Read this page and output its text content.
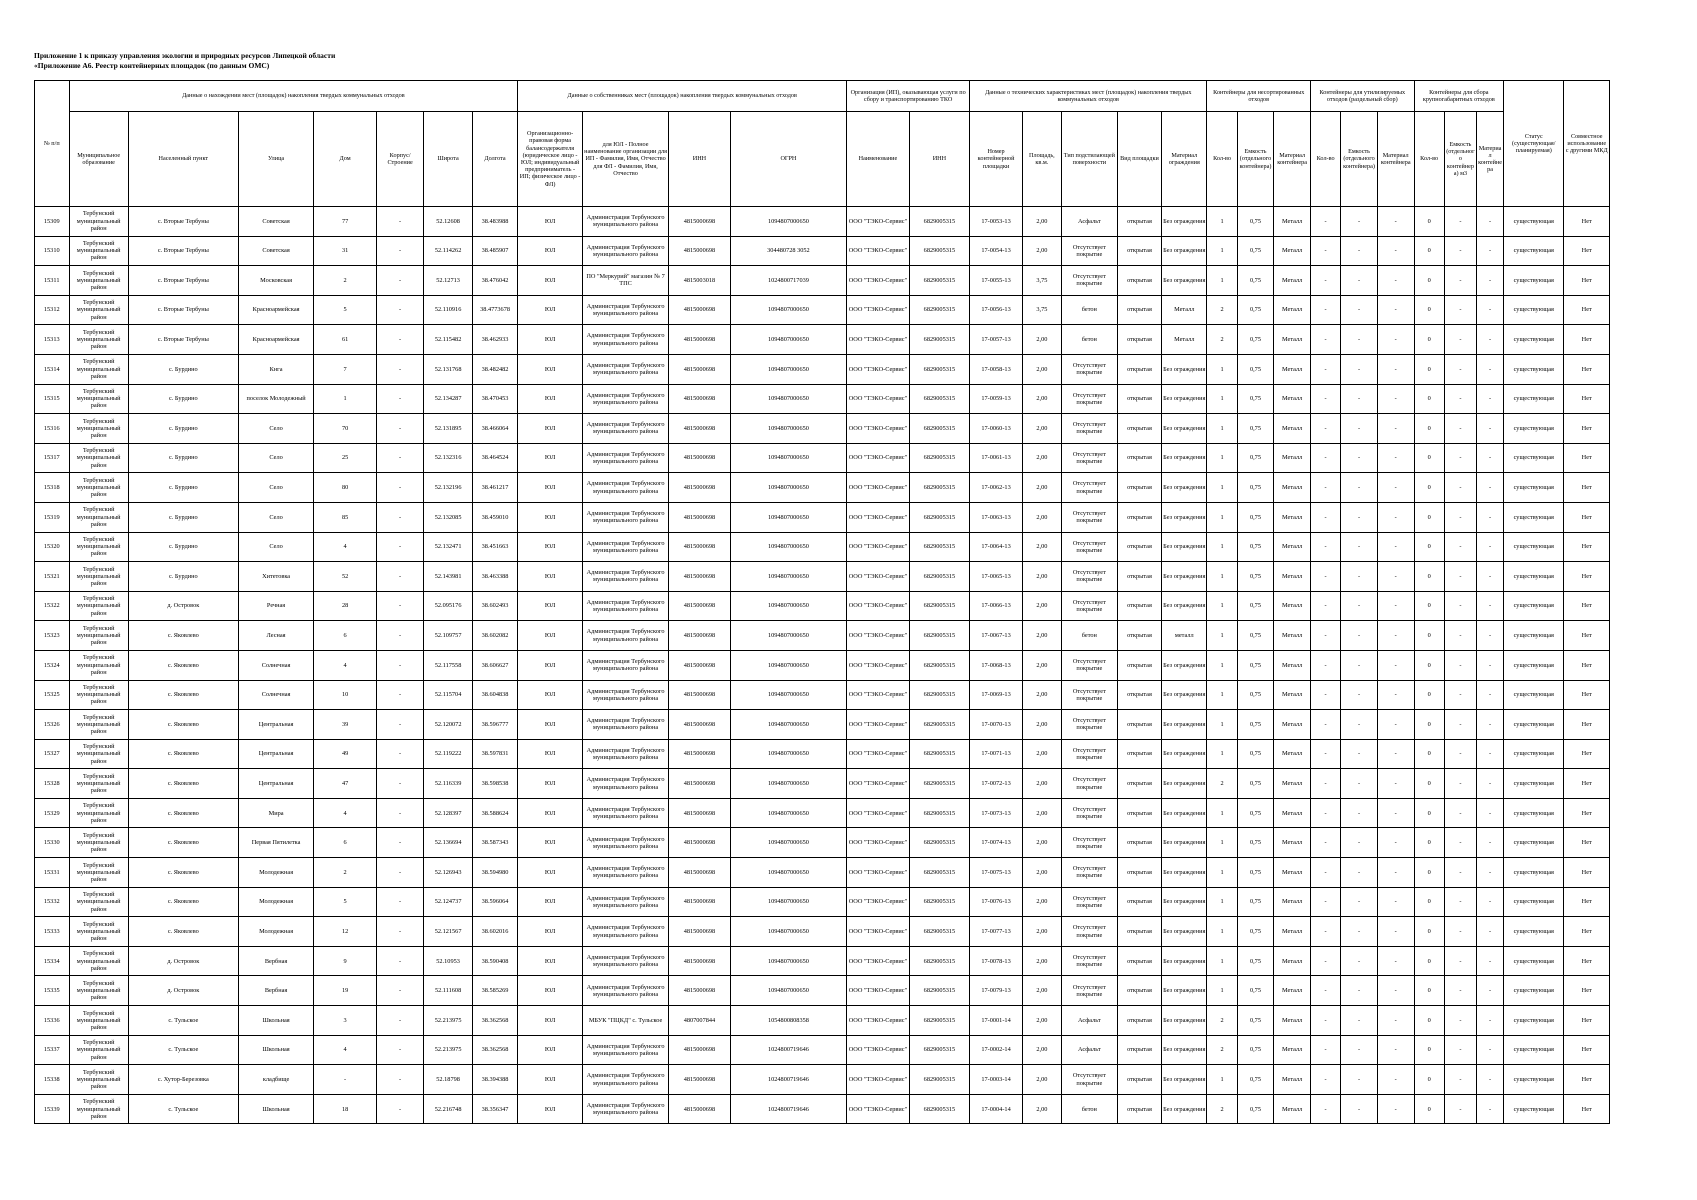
Приложение 1 к приказу управления экологии и природных ресурсов Липецкой области
«Приложение А6. Реестр контейнерных площадок (по данным ОМС)
№ п/п	Данные о нахождении мест (площадок) накопления твердых коммунальных отходов							Данные о собственниках мест (площадок) накопления твердых коммунальных отходов				Организация (ИП), оказывающая услуги по сбору и транспортированию ТКО		Данные о технических характеристиках мест (площадок) накопления твердых коммунальных отходов					Контейнеры для несортированных отходов			Контейнеры для утилизируемых отходов (раздельный сбор)			Контейнеры для сбора крупногабаритных отходов			Статус (существующая/ планируемая)	Совместное использование с другими МКД
	Муниципальное образование	Населенный пункт	Улица	Дом	Корпус/Строение	Широта	Долгота	Организационно-правовая форма балансодержателя (юридическое лицо - ЮЛ; индивидуальный предприниматель - ИП; физическое лицо - ФЛ)	для ЮЛ - Полное наименование организации для ИП - Фамилия, Имя, Отчество для ФЛ - Фамилия, Имя, Отчество	ИНН	ОГРН	Наименование	ИНН	Номер контейнерной площадки	Площадь, кв.м.	Тип подстилающей поверхности	Вид площадки	Материал ограждения	Кол-во	Емкость (отдельного контейнера)	Материал контейнера	Кол-во	Емкость (отдельного контейнера)	Материал контейнера	Кол-во	Емкость (отдельного контейнера) м3	Материал контейнера		
15309	Тербунский муниципальный район	с. Вторые Тербуны	Советская	77	-	52.12608	38.483988	ЮЛ	Администрация Тербунского муниципального района	4815000698	1094807000650	ООО "ТЭКО-Сервис"	6829005315	17-0053-13	2,00	Асфальт	открытая	Без ограждения	1	0,75	Металл	-	-	-	0	-	-	существующая	Нет
15310	Тербунский муниципальный район	с. Вторые Тербуны	Советская	31	-	52.114262	38.485907	ЮЛ	Администрация Тербунского муниципального района	4815000698	304480728 3052	ООО "ТЭКО-Сервис"	6829005315	17-0054-13	2,00	Отсутствует покрытие	открытая	Без ограждения	1	0,75	Металл	-	-	-	0	-	-	существующая	Нет
15311	Тербунский муниципальный район	с. Вторые Тербуны	Московская	2	-	52.12713	38.476042	ЮЛ	ПО "Меркурий" магазин № 7 ТПС	4815003018	1024800717039	ООО "ТЭКО-Сервис"	6829005315	17-0055-13	3,75	Отсутствует покрытие	открытая	Без ограждения	1	0,75	Металл	-	-	-	0	-	-	существующая	Нет
15312	Тербунский муниципальный район	с. Вторые Тербуны	Красноармейская	5	-	52.110916	38.4773678	ЮЛ	Администрация Тербунского муниципального района	4815000698	1094807000650	ООО "ТЭКО-Сервис"	6829005315	17-0056-13	3,75	бетон	открытая	Металл	2	0,75	Металл	-	-	-	0	-	-	существующая	Нет
15313	Тербунский муниципальный район	с. Вторые Тербуны	Красноармейская	61	-	52.115482	38.462933	ЮЛ	Администрация Тербунского муниципального района	4815000698	1094807000650	ООО "ТЭКО-Сервис"	6829005315	17-0057-13	2,00	бетон	открытая	Металл	2	0,75	Металл	-	-	-	0	-	-	существующая	Нет
15314	Тербунский муниципальный район	с. Бурдино	Кнга	7	-	52.131768	38.482482	ЮЛ	Администрация Тербунского муниципального района	4815000698	1094807000650	ООО "ТЭКО-Сервис"	6829005315	17-0058-13	2,00	Отсутствует покрытие	открытая	Без ограждения	1	0,75	Металл	-	-	-	0	-	-	существующая	Нет
15315	Тербунский муниципальный район	с. Бурдино	поселок Молодежный	1	-	52.134287	38.470453	ЮЛ	Администрация Тербунского муниципального района	4815000698	1094807000650	ООО "ТЭКО-Сервис"	6829005315	17-0059-13	2,00	Отсутствует покрытие	открытая	Без ограждения	1	0,75	Металл	-	-	-	0	-	-	существующая	Нет
15316	Тербунский муниципальный район	с. Бурдино	Село	70	-	52.131895	38.466064	ЮЛ	Администрация Тербунского муниципального района	4815000698	1094807000650	ООО "ТЭКО-Сервис"	6829005315	17-0060-13	2,00	Отсутствует покрытие	открытая	Без ограждения	1	0,75	Металл	-	-	-	0	-	-	существующая	Нет
15317	Тербунский муниципальный район	с. Бурдино	Село	25	-	52.132316	38.464524	ЮЛ	Администрация Тербунского муниципального района	4815000698	1094807000650	ООО "ТЭКО-Сервис"	6829005315	17-0061-13	2,00	Отсутствует покрытие	открытая	Без ограждения	1	0,75	Металл	-	-	-	0	-	-	существующая	Нет
15318	Тербунский муниципальный район	с. Бурдино	Село	80	-	52.132196	38.461217	ЮЛ	Администрация Тербунского муниципального района	4815000698	1094807000650	ООО "ТЭКО-Сервис"	6829005315	17-0062-13	2,00	Отсутствует покрытие	открытая	Без ограждения	1	0,75	Металл	-	-	-	0	-	-	существующая	Нет
15319	Тербунский муниципальный район	с. Бурдино	Село	85	-	52.132085	38.459010	ЮЛ	Администрация Тербунского муниципального района	4815000698	1094807000650	ООО "ТЭКО-Сервис"	6829005315	17-0063-13	2,00	Отсутствует покрытие	открытая	Без ограждения	1	0,75	Металл	-	-	-	0	-	-	существующая	Нет
15320	Тербунский муниципальный район	с. Бурдино	Село	4	-	52.132471	38.451663	ЮЛ	Администрация Тербунского муниципального района	4815000698	1094807000650	ООО "ТЭКО-Сервис"	6829005315	17-0064-13	2,00	Отсутствует покрытие	открытая	Без ограждения	1	0,75	Металл	-	-	-	0	-	-	существующая	Нет
15321	Тербунский муниципальный район	с. Бурдино	Хитетовка	52	-	52.143981	38.463388	ЮЛ	Администрация Тербунского муниципального района	4815000698	1094807000650	ООО "ТЭКО-Сервис"	6829005315	17-0065-13	2,00	Отсутствует покрытие	открытая	Без ограждения	1	0,75	Металл	-	-	-	0	-	-	существующая	Нет
15322	Тербунский муниципальный район	д. Островок	Речная	28	-	52.095176	38.602493	ЮЛ	Администрация Тербунского муниципального района	4815000698	1094807000650	ООО "ТЭКО-Сервис"	6829005315	17-0066-13	2,00	Отсутствует покрытие	открытая	Без ограждения	1	0,75	Металл	-	-	-	0	-	-	существующая	Нет
15323	Тербунский муниципальный район	с. Яковлево	Лесная	6	-	52.109757	38.602082	ЮЛ	Администрация Тербунского муниципального района	4815000698	1094807000650	ООО "ТЭКО-Сервис"	6829005315	17-0067-13	2,00	бетон	открытая	металл	1	0,75	Металл	-	-	-	0	-	-	существующая	Нет
15324	Тербунский муниципальный район	с. Яковлево	Солнечная	4	-	52.117558	38.606627	ЮЛ	Администрация Тербунского муниципального района	4815000698	1094807000650	ООО "ТЭКО-Сервис"	6829005315	17-0068-13	2,00	Отсутствует покрытие	открытая	Без ограждения	1	0,75	Металл	-	-	-	0	-	-	существующая	Нет
15325	Тербунский муниципальный район	с. Яковлево	Солнечная	10	-	52.115704	38.604838	ЮЛ	Администрация Тербунского муниципального района	4815000698	1094807000650	ООО "ТЭКО-Сервис"	6829005315	17-0069-13	2,00	Отсутствует покрытие	открытая	Без ограждения	1	0,75	Металл	-	-	-	0	-	-	существующая	Нет
15326	Тербунский муниципальный район	с. Яковлево	Центральная	39	-	52.120072	38.596777	ЮЛ	Администрация Тербунского муниципального района	4815000698	1094807000650	ООО "ТЭКО-Сервис"	6829005315	17-0070-13	2,00	Отсутствует покрытие	открытая	Без ограждения	1	0,75	Металл	-	-	-	0	-	-	существующая	Нет
15327	Тербунский муниципальный район	с. Яковлево	Центральная	49	-	52.119222	38.597831	ЮЛ	Администрация Тербунского муниципального района	4815000698	1094807000650	ООО "ТЭКО-Сервис"	6829005315	17-0071-13	2,00	Отсутствует покрытие	открытая	Без ограждения	1	0,75	Металл	-	-	-	0	-	-	существующая	Нет
15328	Тербунский муниципальный район	с. Яковлево	Центральная	47	-	52.116339	38.598538	ЮЛ	Администрация Тербунского муниципального района	4815000698	1094807000650	ООО "ТЭКО-Сервис"	6829005315	17-0072-13	2,00	Отсутствует покрытие	открытая	Без ограждения	2	0,75	Металл	-	-	-	0	-	-	существующая	Нет
15329	Тербунский муниципальный район	с. Яковлево	Мира	4	-	52.128397	38.588624	ЮЛ	Администрация Тербунского муниципального района	4815000698	1094807000650	ООО "ТЭКО-Сервис"	6829005315	17-0073-13	2,00	Отсутствует покрытие	открытая	Без ограждения	1	0,75	Металл	-	-	-	0	-	-	существующая	Нет
15330	Тербунский муниципальный район	с. Яковлево	Первая Пятилетка	6	-	52.136694	38.587343	ЮЛ	Администрация Тербунского муниципального района	4815000698	1094807000650	ООО "ТЭКО-Сервис"	6829005315	17-0074-13	2,00	Отсутствует покрытие	открытая	Без ограждения	1	0,75	Металл	-	-	-	0	-	-	существующая	Нет
15331	Тербунский муниципальный район	с. Яковлево	Молодежная	2	-	52.126943	38.594980	ЮЛ	Администрация Тербунского муниципального района	4815000698	1094807000650	ООО "ТЭКО-Сервис"	6829005315	17-0075-13	2,00	Отсутствует покрытие	открытая	Без ограждения	1	0,75	Металл	-	-	-	0	-	-	существующая	Нет
15332	Тербунский муниципальный район	с. Яковлево	Молодежная	5	-	52.124737	38.596064	ЮЛ	Администрация Тербунского муниципального района	4815000698	1094807000650	ООО "ТЭКО-Сервис"	6829005315	17-0076-13	2,00	Отсутствует покрытие	открытая	Без ограждения	1	0,75	Металл	-	-	-	0	-	-	существующая	Нет
15333	Тербунский муниципальный район	с. Яковлево	Молодежная	12	-	52.121567	38.602016	ЮЛ	Администрация Тербунского муниципального района	4815000698	1094807000650	ООО "ТЭКО-Сервис"	6829005315	17-0077-13	2,00	Отсутствует покрытие	открытая	Без ограждения	1	0,75	Металл	-	-	-	0	-	-	существующая	Нет
15334	Тербунский муниципальный район	д. Островок	Вербная	9	-	52.10953	38.590408	ЮЛ	Администрация Тербунского муниципального района	4815000698	1094807000650	ООО "ТЭКО-Сервис"	6829005315	17-0078-13	2,00	Отсутствует покрытие	открытая	Без ограждения	1	0,75	Металл	-	-	-	0	-	-	существующая	Нет
15335	Тербунский муниципальный район	д. Островок	Вербная	19	-	52.111608	38.585269	ЮЛ	Администрация Тербунского муниципального района	4815000698	1094807000650	ООО "ТЭКО-Сервис"	6829005315	17-0079-13	2,00	Отсутствует покрытие	открытая	Без ограждения	1	0,75	Металл	-	-	-	0	-	-	существующая	Нет
15336	Тербунский муниципальный район	с. Тульское	Школьная	3	-	52.213975	38.362568	ЮЛ	МБУК "ПЦКД" с. Тульское	4807007844	1054800808358	ООО "ТЭКО-Сервис"	6829005315	17-0001-14	2,00	Асфальт	открытая	Без ограждения	2	0,75	Металл	-	-	-	0	-	-	существующая	Нет
15337	Тербунский муниципальный район	с. Тульское	Школьная	4	-	52.213975	38.362568	ЮЛ	Администрация Тербунского муниципального района	4815000698	1024800719646	ООО "ТЭКО-Сервис"	6829005315	17-0002-14	2,00	Асфальт	открытая	Без ограждения	2	0,75	Металл	-	-	-	0	-	-	существующая	Нет
15338	Тербунский муниципальный район	с. Хутор-Березовка	кладбище	-	-	52.18798	38.394388	ЮЛ	Администрация Тербунского муниципального района	4815000698	1024800719646	ООО "ТЭКО-Сервис"	6829005315	17-0003-14	2,00	Отсутствует покрытие	открытая	Без ограждения	1	0,75	Металл	-	-	-	0	-	-	существующая	Нет
15339	Тербунский муниципальный район	с. Тульское	Школьная	18	-	52.216748	38.356347	ЮЛ	Администрация Тербунского муниципального района	4815000698	1024800719646	ООО "ТЭКО-Сервис"	6829005315	17-0004-14	2,00	бетон	открытая	Без ограждения	2	0,75	Металл	-	-	-	0	-	-	существующая	Нет
